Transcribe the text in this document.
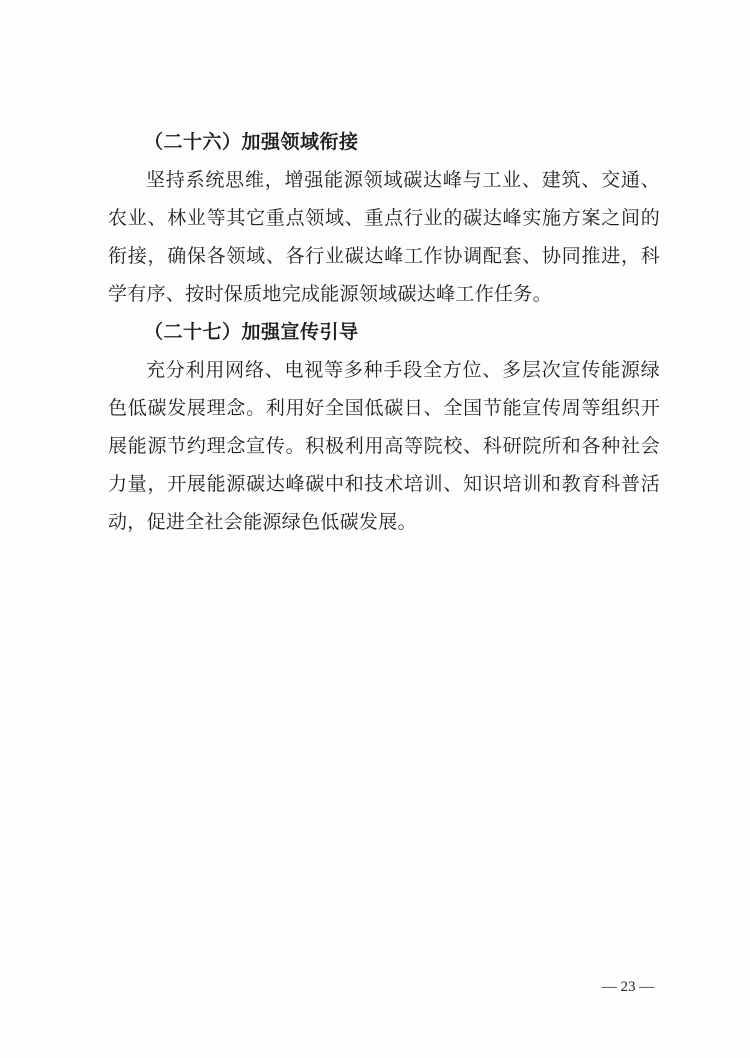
（二十六）加强领域衔接

坚持系统思维，增强能源领域碳达峰与工业、建筑、交通、农业、林业等其它重点领域、重点行业的碳达峰实施方案之间的衔接，确保各领域、各行业碳达峰工作协调配套、协同推进，科学有序、按时保质地完成能源领域碳达峰工作任务。

（二十七）加强宣传引导

充分利用网络、电视等多种手段全方位、多层次宣传能源绿色低碳发展理念。利用好全国低碳日、全国节能宣传周等组织开展能源节约理念宣传。积极利用高等院校、科研院所和各种社会力量，开展能源碳达峰碳中和技术培训、知识培训和教育科普活动，促进全社会能源绿色低碳发展。

— 23 —
